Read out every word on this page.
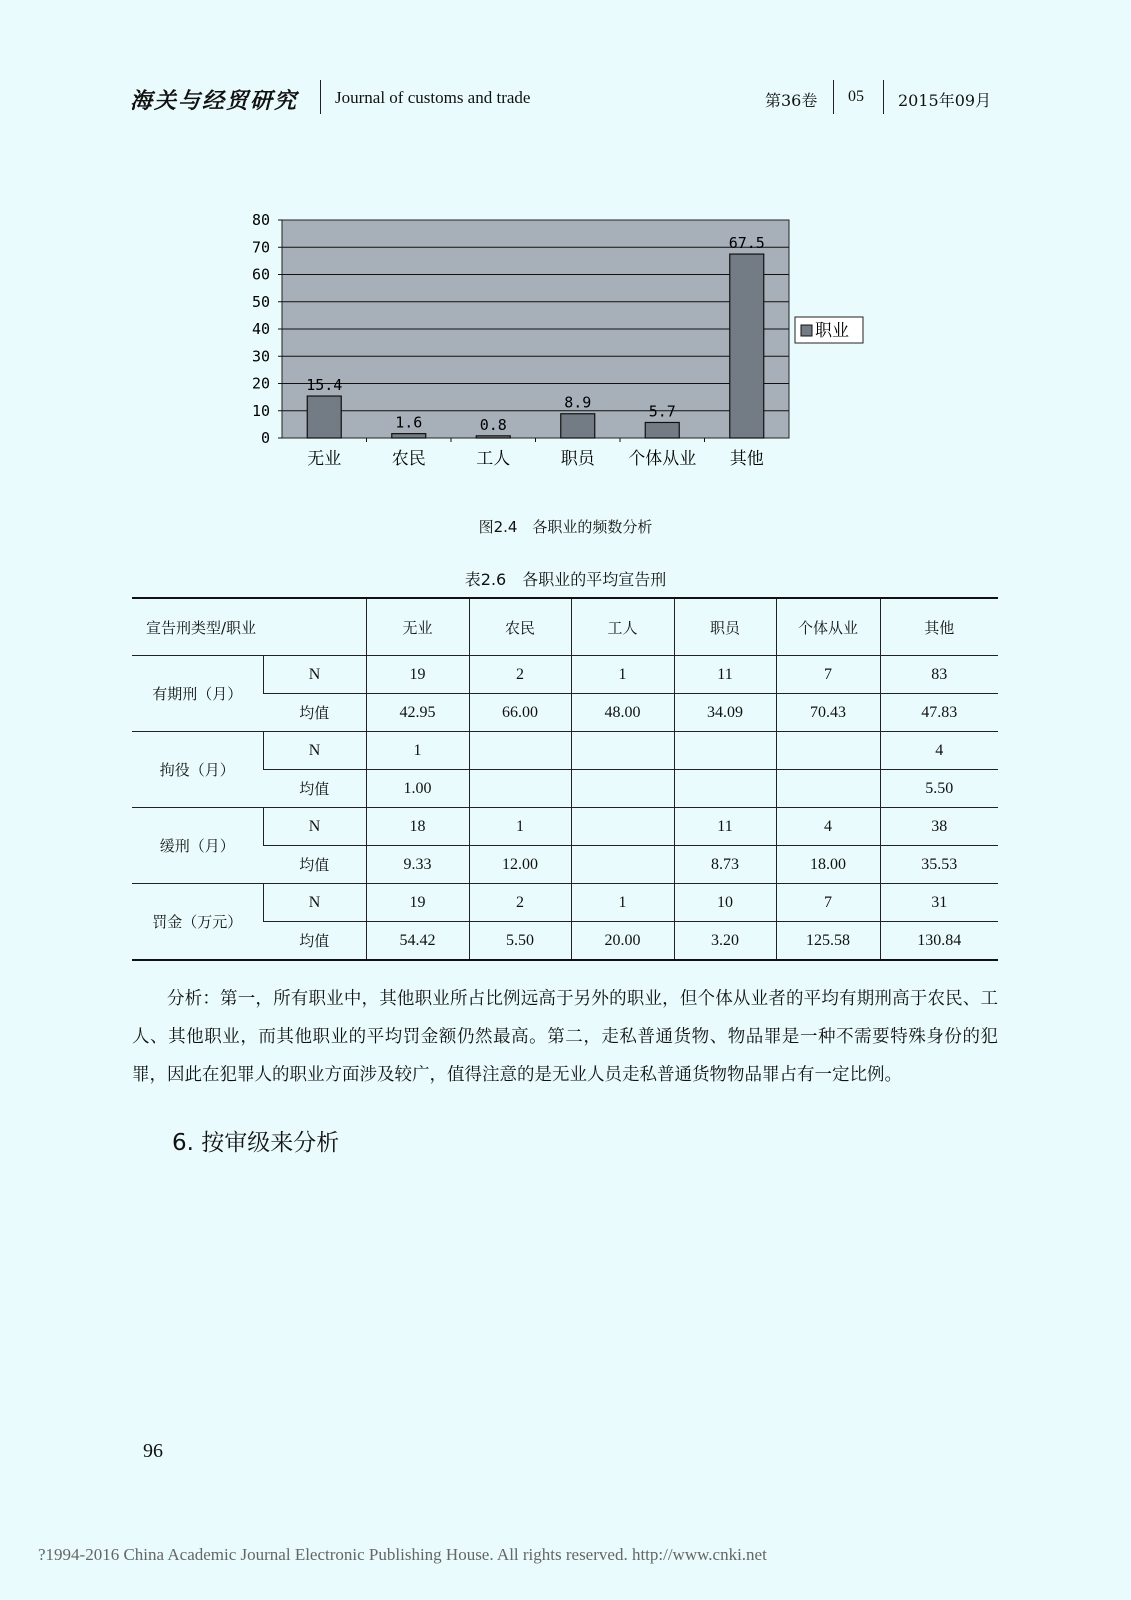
海关与经贸研究 Journal of customs and trade	第36卷 05 2015年09月
0
10
20
30
40
50
60
70
80
15.4
无业
1.6
农民
0.8
工人
8.9
职员
5.7
个体从业
67.5
其他
职业
图2.4　各职业的频数分析
表2.6　各职业的平均宣告刑
宣告刑类型/职业		无业	农民	工人	职员	个体从业	其他
有期刑（月）	N	19	2	1	11	7	83
	均值	42.95	66.00	48.00	34.09	70.43	47.83
拘役（月）	N	1					4
	均值	1.00					5.50
缓刑（月）	N	18	1		11	4	38
	均值	9.33	12.00		8.73	18.00	35.53
罚金（万元）	N	19	2	1	10	7	31
	均值	54.42	5.50	20.00	3.20	125.58	130.84
分析：第一，所有职业中，其他职业所占比例远高于另外的职业，但个体从业者的平均有期刑高于农民、工人、其他职业，而其他职业的平均罚金额仍然最高。第二，走私普通货物、物品罪是一种不需要特殊身份的犯罪，因此在犯罪人的职业方面涉及较广，值得注意的是无业人员走私普通货物物品罪占有一定比例。
6. 按审级来分析
96
?1994-2016 China Academic Journal Electronic Publishing House. All rights reserved. http://www.cnki.net
